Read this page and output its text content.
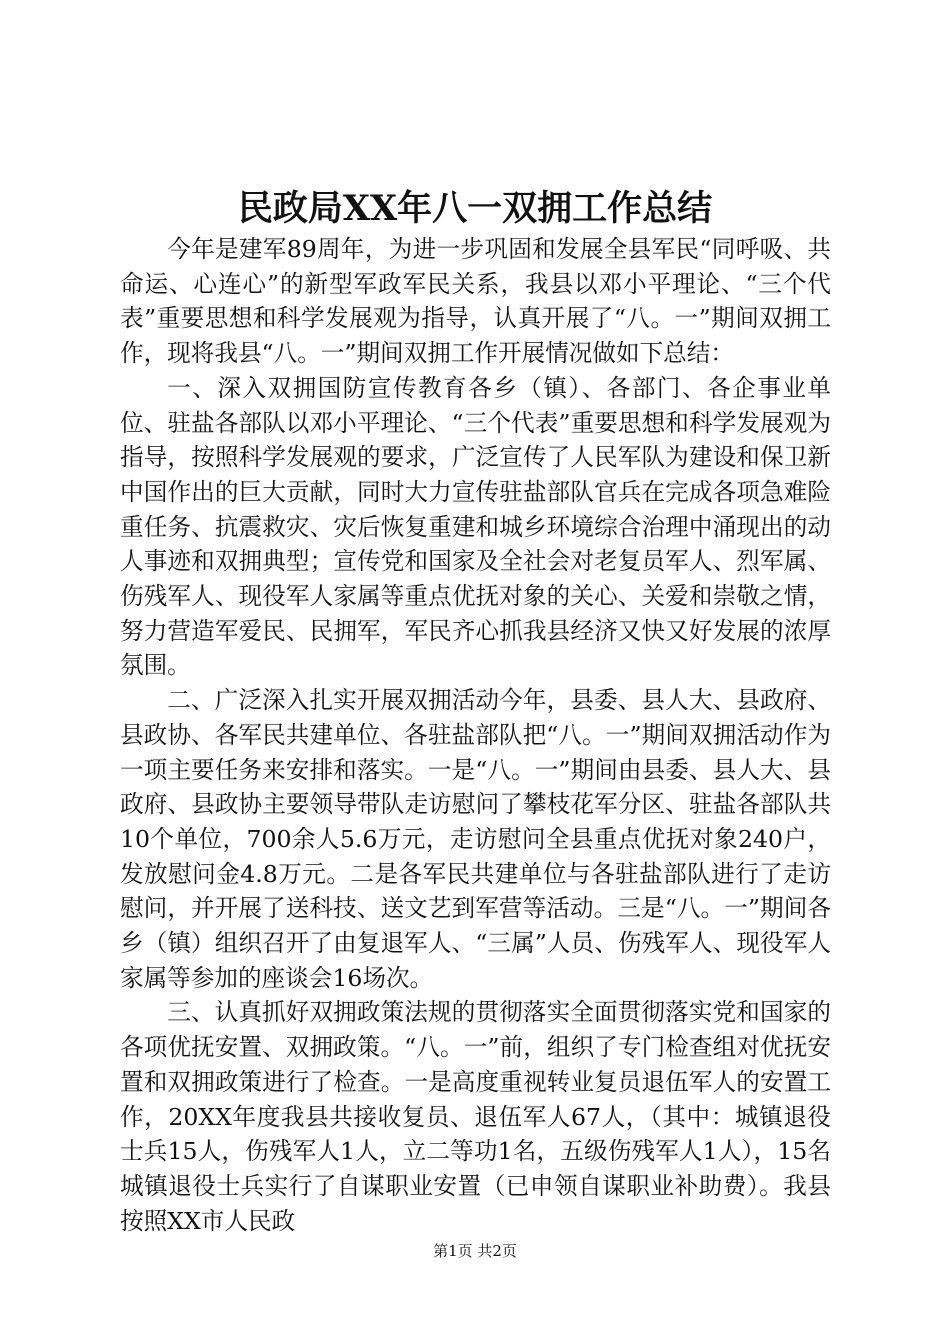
民政局XX年八一双拥工作总结

今年是建军89周年，为进一步巩固和发展全县军民“同呼吸、共命运、心连心”的新型军政军民关系，我县以邓小平理论、“三个代表”重要思想和科学发展观为指导，认真开展了“八。一”期间双拥工作，现将我县“八。一”期间双拥工作开展情况做如下总结：

一、深入双拥国防宣传教育各乡（镇）、各部门、各企事业单位、驻盐各部队以邓小平理论、“三个代表”重要思想和科学发展观为指导，按照科学发展观的要求，广泛宣传了人民军队为建设和保卫新中国作出的巨大贡献，同时大力宣传驻盐部队官兵在完成各项急难险重任务、抗震救灾、灾后恢复重建和城乡环境综合治理中涌现出的动人事迹和双拥典型；宣传党和国家及全社会对老复员军人、烈军属、伤残军人、现役军人家属等重点优抚对象的关心、关爱和崇敬之情，努力营造军爱民、民拥军，军民齐心抓我县经济又快又好发展的浓厚氛围。

二、广泛深入扎实开展双拥活动今年，县委、县人大、县政府、县政协、各军民共建单位、各驻盐部队把“八。一”期间双拥活动作为一项主要任务来安排和落实。一是“八。一”期间由县委、县人大、县政府、县政协主要领导带队走访慰问了攀枝花军分区、驻盐各部队共10个单位，700余人5.6万元，走访慰问全县重点优抚对象240户，发放慰问金4.8万元。二是各军民共建单位与各驻盐部队进行了走访慰问，并开展了送科技、送文艺到军营等活动。三是“八。一”期间各乡（镇）组织召开了由复退军人、“三属”人员、伤残军人、现役军人家属等参加的座谈会16场次。

三、认真抓好双拥政策法规的贯彻落实全面贯彻落实党和国家的各项优抚安置、双拥政策。“八。一”前，组织了专门检查组对优抚安置和双拥政策进行了检查。一是高度重视转业复员退伍军人的安置工作，20XX年度我县共接收复员、退伍军人67人，（其中：城镇退役士兵15人，伤残军人1人，立二等功1名，五级伤残军人1人），15名城镇退役士兵实行了自谋职业安置（已申领自谋职业补助费）。我县按照XX市人民政

第1页 共2页
